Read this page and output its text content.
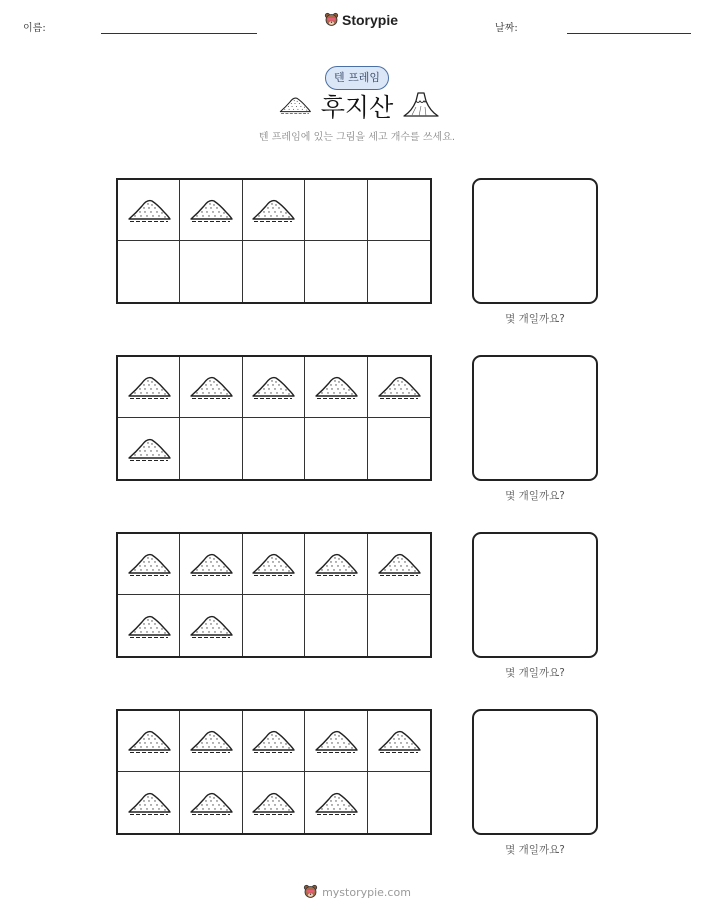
이름:
Storypie
날짜:
텐 프레임
후지산
텐 프레임에 있는 그림을 세고 개수를 쓰세요.
몇 개일까요?
몇 개일까요?
몇 개일까요?
몇 개일까요?
mystorypie.com
